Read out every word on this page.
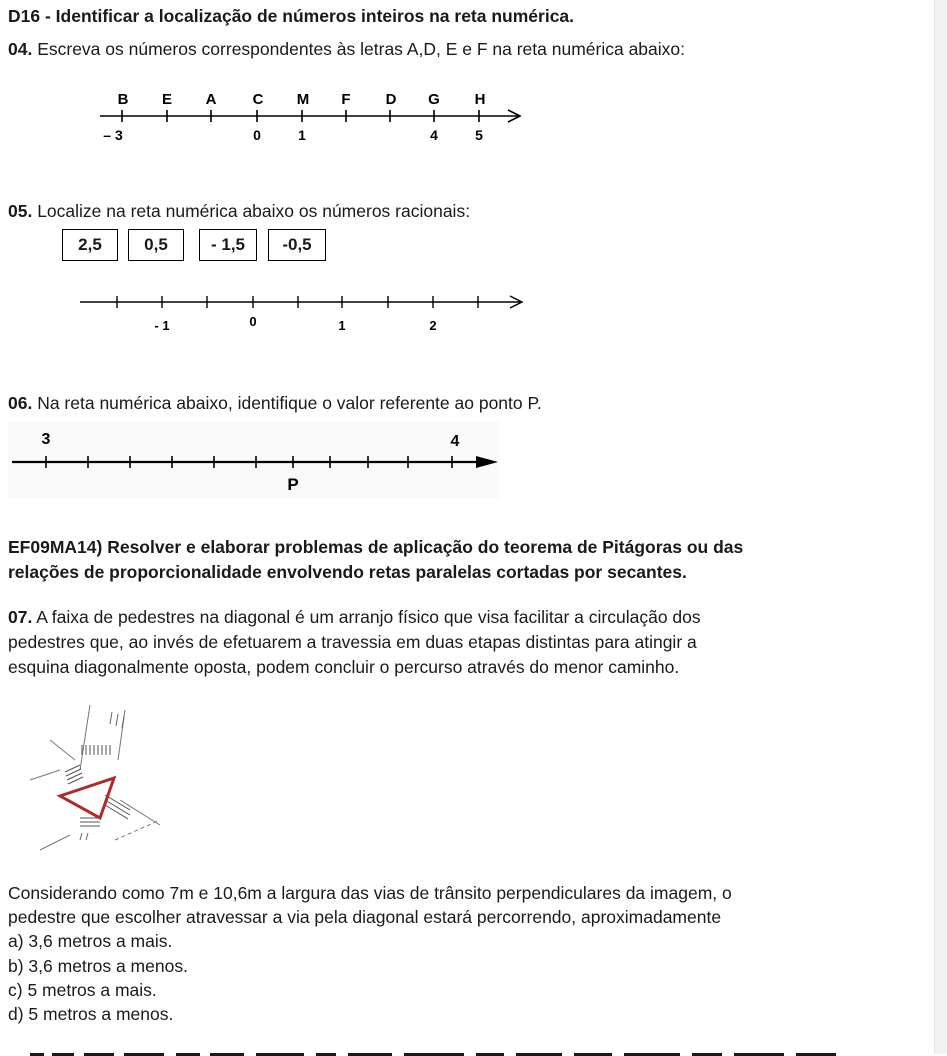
D16 - Identificar a localização de números inteiros na reta numérica.
04. Escreva os números correspondentes às letras A,D, E e F na reta numérica abaixo:
B E A C M F D G H
– 3	0	1	4	5
05. Localize na reta numérica abaixo os números racionais:
2,5	0,5	- 1,5	-0,5
- 1	0	1	2
06. Na reta numérica abaixo, identifique o valor referente ao ponto P.
3	4
P
EF09MA14) Resolver e elaborar problemas de aplicação do teorema de Pitágoras ou das
relações de proporcionalidade envolvendo retas paralelas cortadas por secantes.
07. A faixa de pedestres na diagonal é um arranjo físico que visa facilitar a circulação dos
pedestres que, ao invés de efetuarem a travessia em duas etapas distintas para atingir a
esquina diagonalmente oposta, podem concluir o percurso através do menor caminho.
Considerando como 7m e 10,6m a largura das vias de trânsito perpendiculares da imagem, o
pedestre que escolher atravessar a via pela diagonal estará percorrendo, aproximadamente
a) 3,6 metros a mais.
b) 3,6 metros a menos.
c) 5 metros a mais.
d) 5 metros a menos.
